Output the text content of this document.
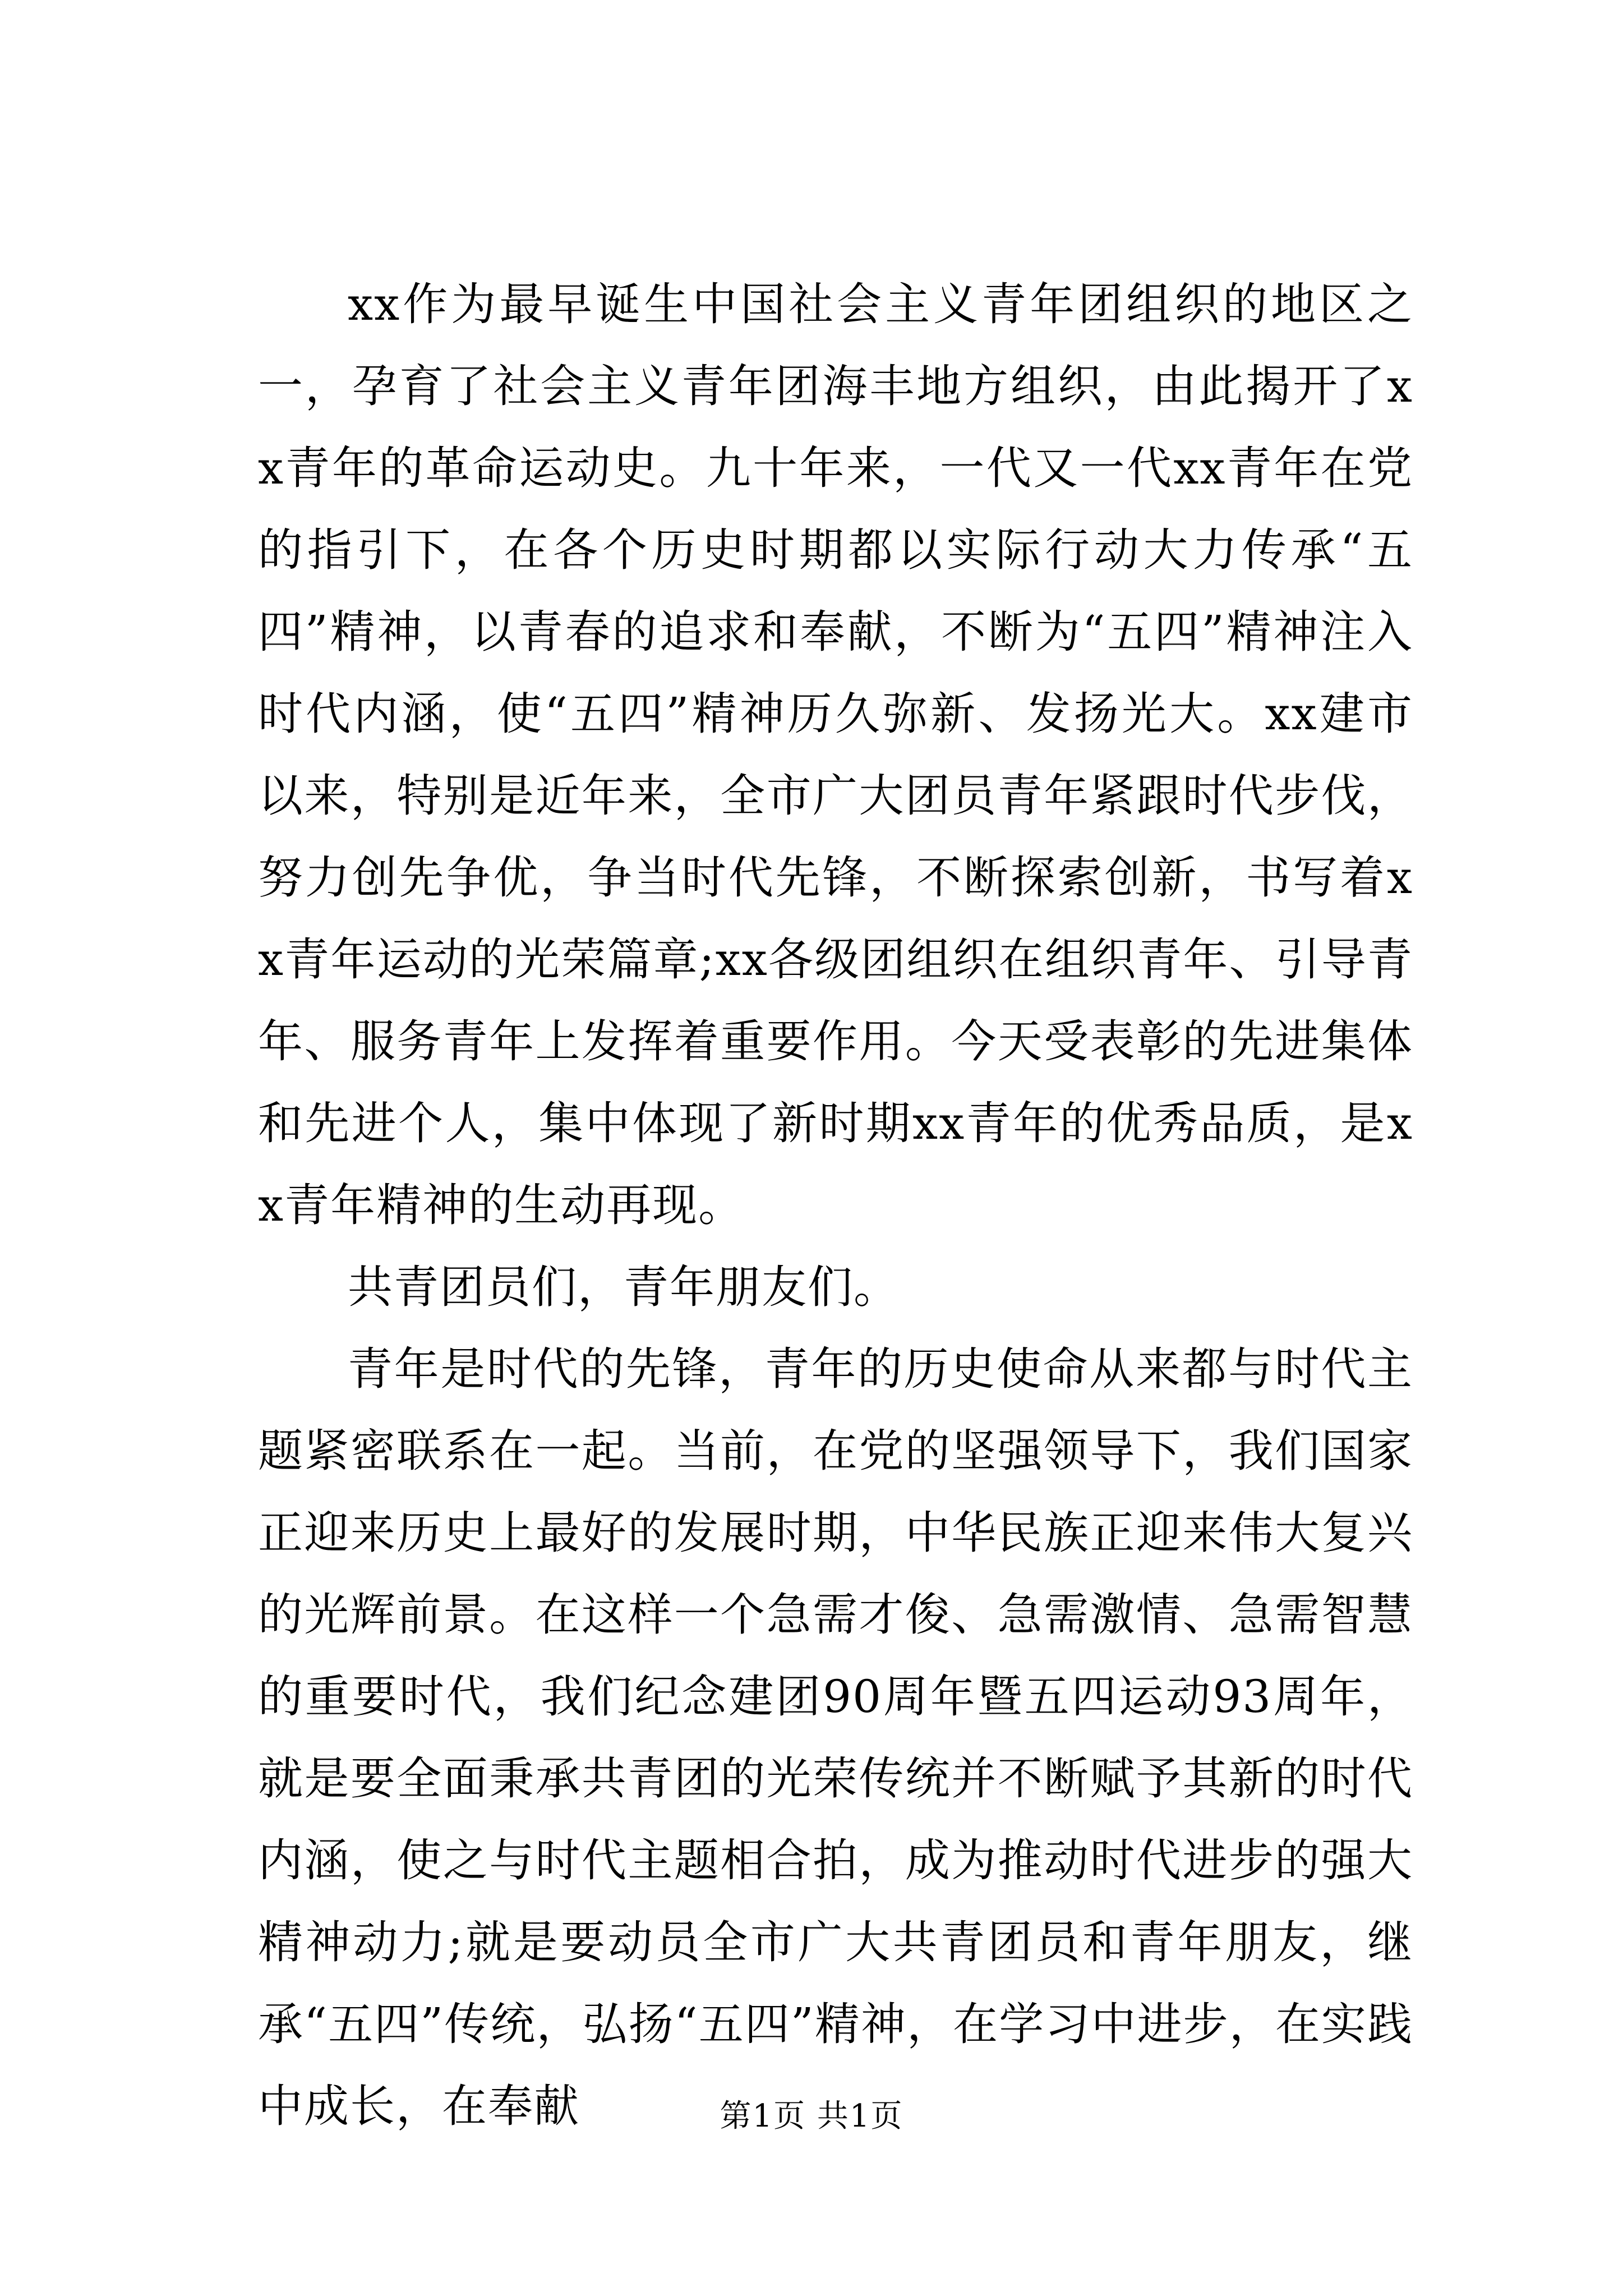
xx作为最早诞生中国社会主义青年团组织的地区之一，孕育了社会主义青年团海丰地方组织，由此揭开了xx青年的革命运动史。九十年来，一代又一代xx青年在党的指引下，在各个历史时期都以实际行动大力传承“五四”精神，以青春的追求和奉献，不断为“五四”精神注入时代内涵，使“五四”精神历久弥新、发扬光大。xx建市以来，特别是近年来，全市广大团员青年紧跟时代步伐，努力创先争优，争当时代先锋，不断探索创新，书写着xx青年运动的光荣篇章;xx各级团组织在组织青年、引导青年、服务青年上发挥着重要作用。今天受表彰的先进集体和先进个人，集中体现了新时期xx青年的优秀品质，是xx青年精神的生动再现。

共青团员们，青年朋友们。

青年是时代的先锋，青年的历史使命从来都与时代主题紧密联系在一起。当前，在党的坚强领导下，我们国家正迎来历史上最好的发展时期，中华民族正迎来伟大复兴的光辉前景。在这样一个急需才俊、急需激情、急需智慧的重要时代，我们纪念建团90周年暨五四运动93周年，就是要全面秉承共青团的光荣传统并不断赋予其新的时代内涵，使之与时代主题相合拍，成为推动时代进步的强大精神动力;就是要动员全市广大共青团员和青年朋友，继承“五四”传统，弘扬“五四”精神，在学习中进步，在实践中成长，在奉献	第1页 共1页
